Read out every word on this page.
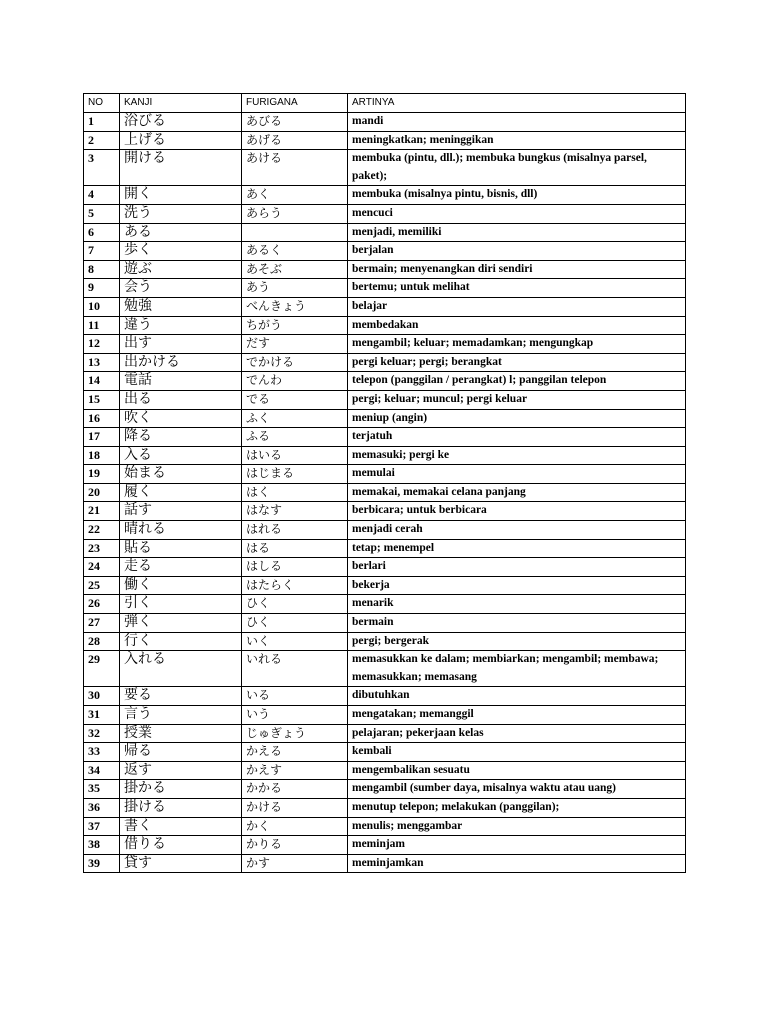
NO	KANJI	FURIGANA	ARTINYA
1	浴びる	あびる	mandi
2	上げる	あげる	meningkatkan; meninggikan
3	開ける	あける	membuka (pintu, dll.); membuka bungkus (misalnya parsel, paket);
4	開く	あく	membuka (misalnya pintu, bisnis, dll)
5	洗う	あらう	mencuci
6	ある		menjadi, memiliki
7	歩く	あるく	berjalan
8	遊ぶ	あそぶ	bermain; menyenangkan diri sendiri
9	会う	あう	bertemu; untuk melihat
10	勉強	べんきょう	belajar
11	違う	ちがう	membedakan
12	出す	だす	mengambil; keluar; memadamkan; mengungkap
13	出かける	でかける	pergi keluar; pergi; berangkat
14	電話	でんわ	telepon (panggilan / perangkat) l; panggilan telepon
15	出る	でる	pergi; keluar; muncul; pergi keluar
16	吹く	ふく	meniup (angin)
17	降る	ふる	terjatuh
18	入る	はいる	memasuki; pergi ke
19	始まる	はじまる	memulai
20	履く	はく	memakai, memakai celana panjang
21	話す	はなす	berbicara; untuk berbicara
22	晴れる	はれる	menjadi cerah
23	貼る	はる	tetap; menempel
24	走る	はしる	berlari
25	働く	はたらく	bekerja
26	引く	ひく	menarik
27	弾く	ひく	bermain
28	行く	いく	pergi; bergerak
29	入れる	いれる	memasukkan ke dalam; membiarkan; mengambil; membawa; memasukkan; memasang
30	要る	いる	dibutuhkan
31	言う	いう	mengatakan; memanggil
32	授業	じゅぎょう	pelajaran; pekerjaan kelas
33	帰る	かえる	kembali
34	返す	かえす	mengembalikan sesuatu
35	掛かる	かかる	mengambil (sumber daya, misalnya waktu atau uang)
36	掛ける	かける	menutup telepon; melakukan (panggilan);
37	書く	かく	menulis; menggambar
38	借りる	かりる	meminjam
39	貸す	かす	meminjamkan
